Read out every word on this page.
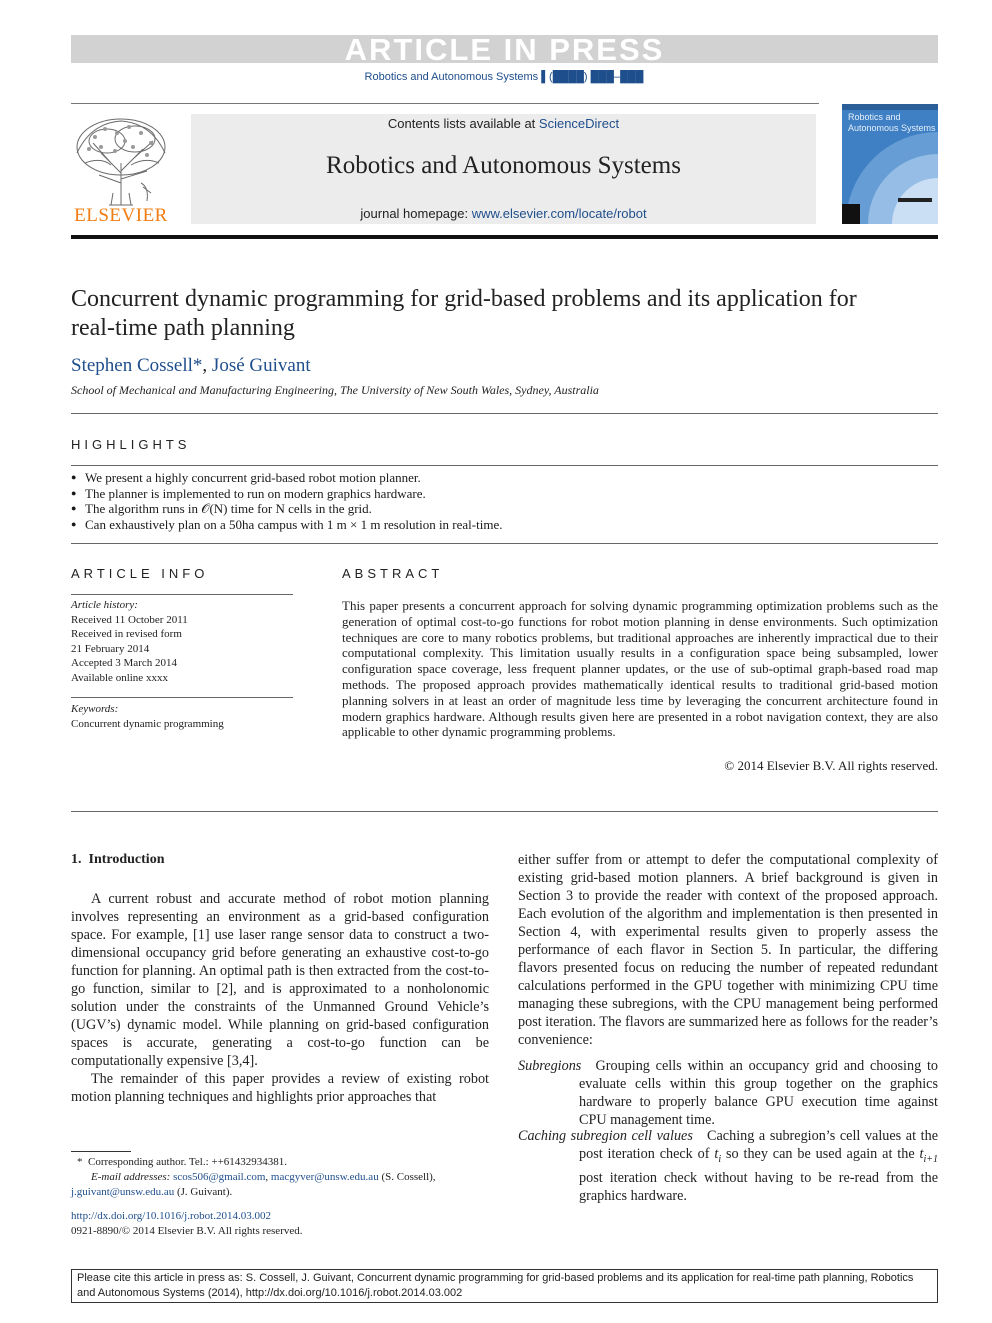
ARTICLE IN PRESS
Robotics and Autonomous Systems ▌(████) ███–███
ELSEVIER
Contents lists available at ScienceDirect
Robotics and Autonomous Systems
journal homepage: www.elsevier.com/locate/robot
Robotics and Autonomous Systems
Concurrent dynamic programming for grid-based problems and its application for real-time path planning
Stephen Cossell*, José Guivant
School of Mechanical and Manufacturing Engineering, The University of New South Wales, Sydney, Australia
HIGHLIGHTS
● We present a highly concurrent grid-based robot motion planner.
● The planner is implemented to run on modern graphics hardware.
● The algorithm runs in 𝒪(N) time for N cells in the grid.
● Can exhaustively plan on a 50ha campus with 1 m × 1 m resolution in real-time.
ARTICLE INFO
Article history:
Received 11 October 2011
Received in revised form
21 February 2014
Accepted 3 March 2014
Available online xxxx
Keywords:
Concurrent dynamic programming
ABSTRACT
This paper presents a concurrent approach for solving dynamic programming optimization problems such as the generation of optimal cost-to-go functions for robot motion planning in dense environments. Such optimization techniques are core to many robotics problems, but traditional approaches are inherently impractical due to their computational complexity. This limitation usually results in a configuration space being subsampled, lower configuration space coverage, less frequent planner updates, or the use of sub-optimal graph-based road map methods. The proposed approach provides mathematically identical results to traditional grid-based motion planning solvers in at least an order of magnitude less time by leveraging the concurrent architecture found in modern graphics hardware. Although results given here are presented in a robot navigation context, they are also applicable to other dynamic programming problems.
© 2014 Elsevier B.V. All rights reserved.
1. Introduction

A current robust and accurate method of robot motion planning involves representing an environment as a grid-based configuration space. For example, [1] use laser range sensor data to construct a two-dimensional occupancy grid before generating an exhaustive cost-to-go function for planning. An optimal path is then extracted from the cost-to-go function, similar to [2], and is approximated to a nonholonomic solution under the constraints of the Unmanned Ground Vehicle’s (UGV’s) dynamic model. While planning on grid-based configuration spaces is accurate, generating a cost-to-go function can be computationally expensive [3,4].

The remainder of this paper provides a review of existing robot motion planning techniques and highlights prior approaches that

either suffer from or attempt to defer the computational complexity of existing grid-based motion planners. A brief background is given in Section 3 to provide the reader with context of the proposed approach. Each evolution of the algorithm and implementation is then presented in Section 4, with experimental results given to properly assess the performance of each flavor in Section 5. In particular, the differing flavors presented focus on reducing the number of repeated redundant calculations performed in the GPU together with minimizing CPU time managing these subregions, with the CPU management being performed post iteration. The flavors are summarized here as follows for the reader’s convenience:
Subregions  Grouping cells within an occupancy grid and choosing to evaluate cells within this group together on the graphics hardware to properly balance GPU execution time against CPU management time.
Caching subregion cell values  Caching a subregion’s cell values at the post iteration check of $t_i$ so they can be used again at the $t_{i+1}$ post iteration check without having to be re-read from the graphics hardware.
*  Corresponding author. Tel.: ++61432934381.
E-mail addresses: scos506@gmail.com, macgyver@unsw.edu.au (S. Cossell),
j.guivant@unsw.edu.au (J. Guivant).
http://dx.doi.org/10.1016/j.robot.2014.03.002
0921-8890/© 2014 Elsevier B.V. All rights reserved.
Please cite this article in press as: S. Cossell, J. Guivant, Concurrent dynamic programming for grid-based problems and its application for real-time path planning, Robotics and Autonomous Systems (2014), http://dx.doi.org/10.1016/j.robot.2014.03.002
